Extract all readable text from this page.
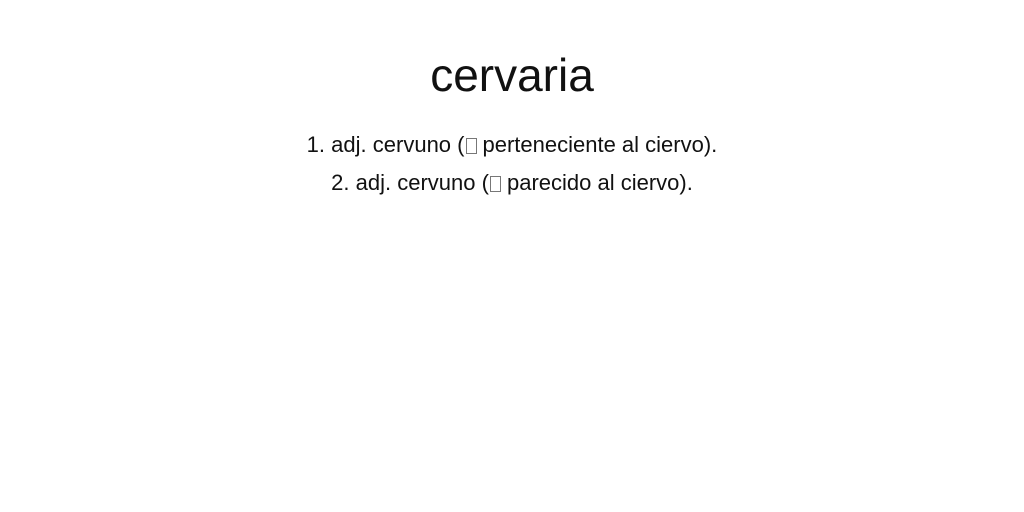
cervaria
1. adj. cervuno ( perteneciente al ciervo).
2. adj. cervuno ( parecido al ciervo).
